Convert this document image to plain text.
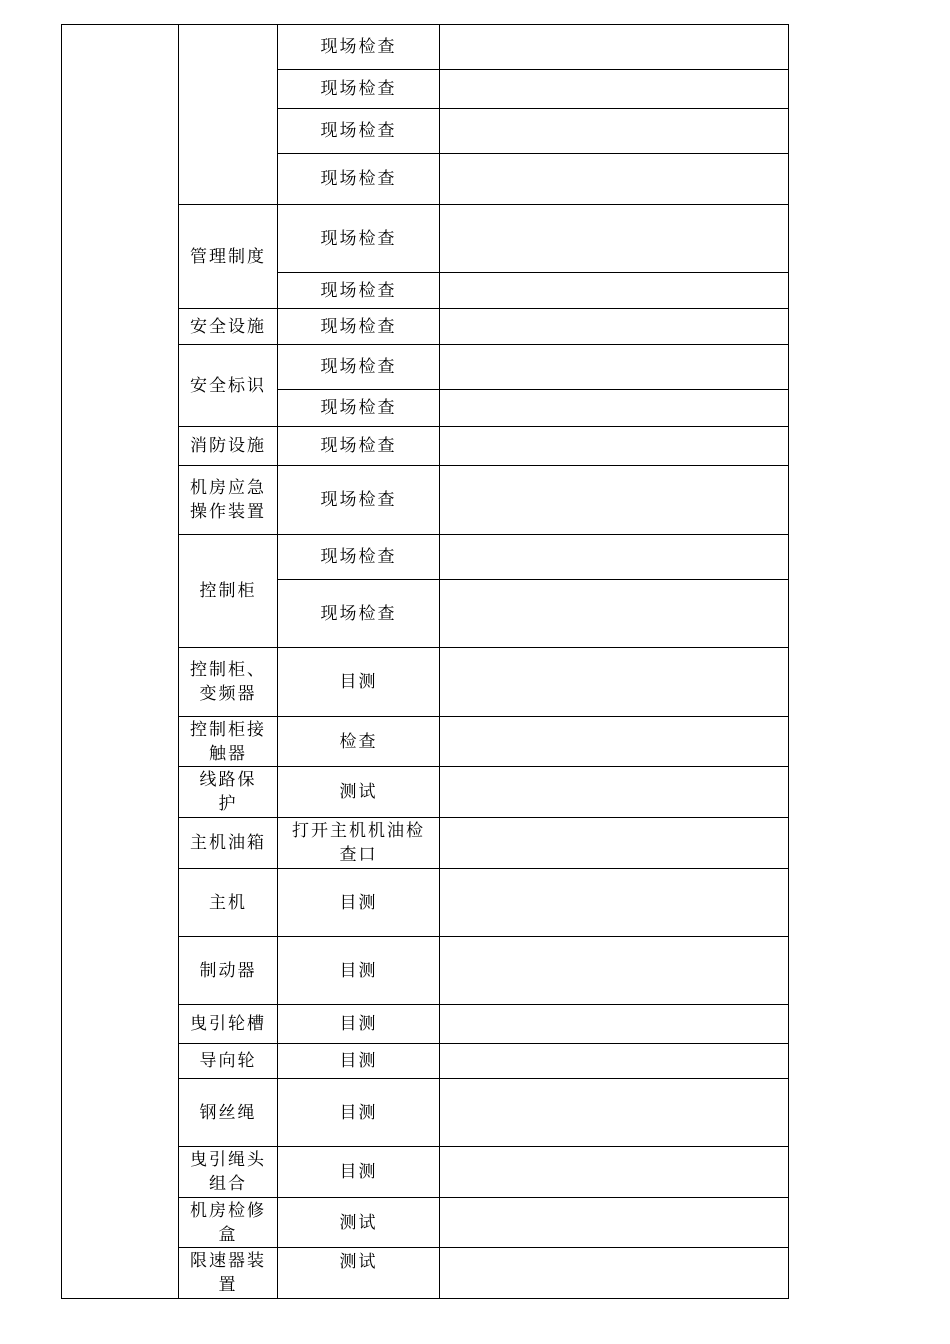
管理制度
安全设施
安全标识
消防设施
机房应急操作装置
控制柜
控制柜、变频器
控制柜接触器
线路保护
主机油箱
主机
制动器
曳引轮槽
导向轮
钢丝绳
曳引绳头组合
机房检修盒
限速器装置
现场检查
现场检查
现场检查
现场检查
现场检查
现场检查
现场检查
现场检查
现场检查
现场检查
现场检查
现场检查
现场检查
目测
检查
测试
打开主机机油检查口
目测
目测
目测
目测
目测
目测
测试
测试
